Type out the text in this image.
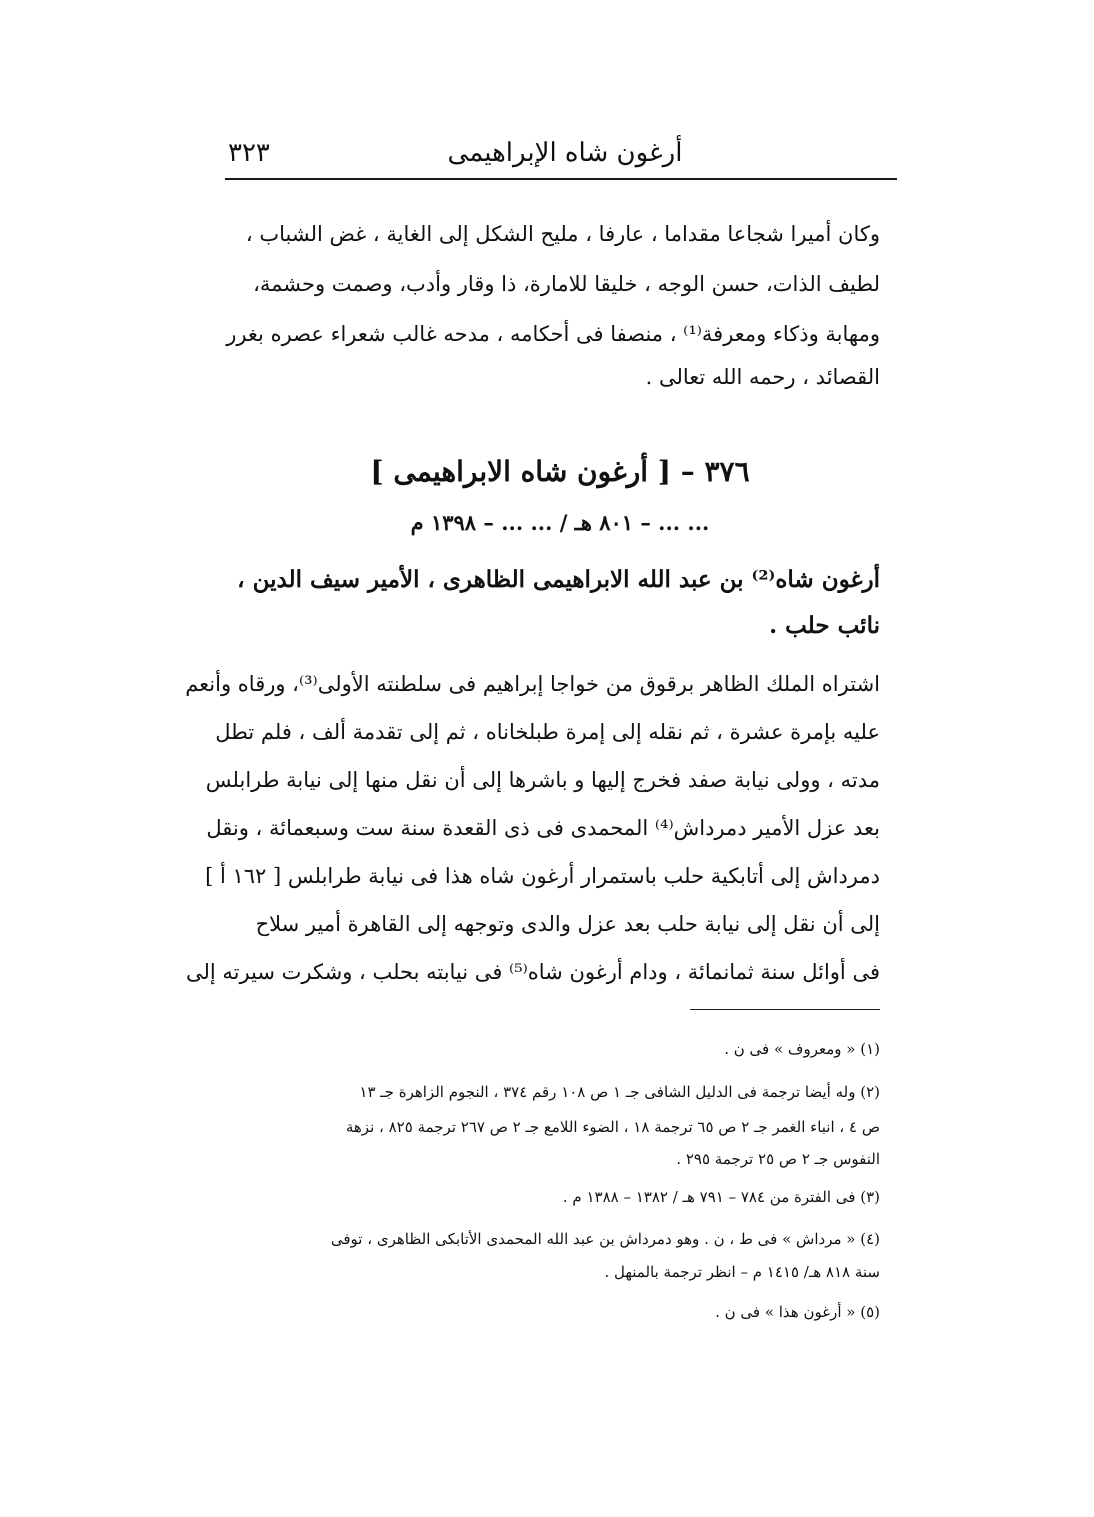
أرغون شاه الإبراهيمى
٣٢٣
وكان أميرا شجاعا مقداما ، عارفا ، مليح الشكل إلى الغاية ، غض الشباب ،
لطيف الذات، حسن الوجه ، خليقا للامارة، ذا وقار وأدب، وصمت وحشمة،
ومهابة وذكاء ومعرفة⁽¹⁾ ، منصفا فى أحكامه ، مدحه غالب شعراء عصره بغرر
القصائد ، رحمه الله تعالى .
٣٧٦ – [ أرغون شاه الابراهيمى ]
... ... – ٨٠١ هـ / ... ... – ١٣٩٨ م
أرغون شاه⁽²⁾ بن عبد الله الابراهيمى الظاهرى ، الأمير سيف الدين ،
نائب حلب .
اشتراه الملك الظاهر برقوق من خواجا إبراهيم فى سلطنته الأولى⁽³⁾، ورقاه وأنعم
عليه بإمرة عشرة ، ثم نقله إلى إمرة طبلخاناه ، ثم إلى تقدمة ألف ، فلم تطل
مدته ، وولى نيابة صفد فخرج إليها و باشرها إلى أن نقل منها إلى نيابة طرابلس
بعد عزل الأمير دمرداش⁽⁴⁾ المحمدى فى ذى القعدة سنة ست وسبعمائة ، ونقل
دمرداش إلى أتابكية حلب باستمرار أرغون شاه هذا فى نيابة طرابلس [ ١٦٢ أ ]
إلى أن نقل إلى نيابة حلب بعد عزل والدى وتوجهه إلى القاهرة أمير سلاح
فى أوائل سنة ثمانمائة ، ودام أرغون شاه⁽⁵⁾ فى نيابته بحلب ، وشكرت سيرته إلى
(١) « ومعروف » فى ن .
(٢) وله أيضا ترجمة فى الدليل الشافى جـ ١ ص ١٠٨ رقم ٣٧٤ ، النجوم الزاهرة جـ ١٣
ص ٤ ، انباء الغمر جـ ٢ ص ٦٥ ترجمة ١٨ ، الضوء اللامع جـ ٢ ص ٢٦٧ ترجمة ٨٢٥ ، نزهة
النفوس جـ ٢ ص ٢٥ ترجمة ٢٩٥ .
(٣) فى الفترة من ٧٨٤ – ٧٩١ هـ / ١٣٨٢ – ١٣٨٨ م .
(٤) « مرداش » فى ط ، ن . وهو دمرداش بن عبد الله المحمدى الأتابكى الظاهرى ، توفى
سنة ٨١٨ هـ/ ١٤١٥ م – انظر ترجمة بالمنهل .
(٥) « أرغون هذا » فى ن .
